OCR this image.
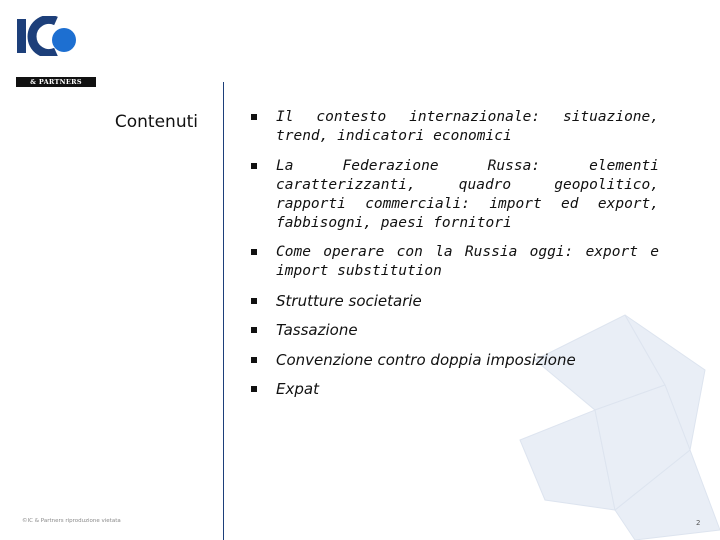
& PARTNERS
Contenuti	Il contesto internazionale: situazione, trend, indicatori economici
La Federazione Russa: elementi caratterizzanti, quadro geopolitico, rapporti commerciali: import ed export, fabbisogni, paesi fornitori
Come operare con la Russia oggi: export e import substitution
Strutture societarie
Tassazione
Convenzione contro doppia imposizione
Expat
©IC & Partners riproduzione vietata	2
